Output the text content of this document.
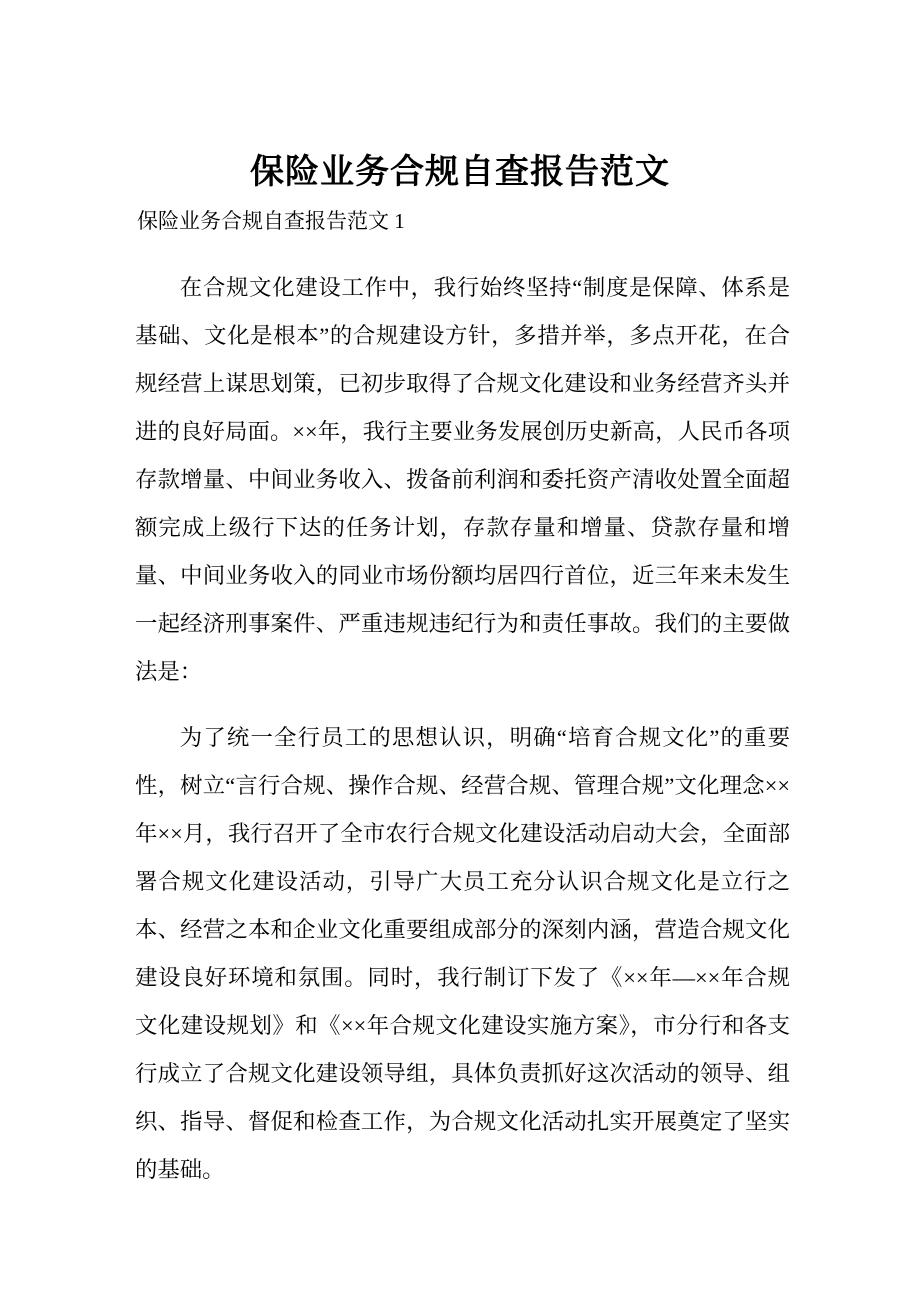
保险业务合规自查报告范文
保险业务合规自查报告范文 1

在合规文化建设工作中，我行始终坚持“制度是保障、体系是基础、文化是根本”的合规建设方针，多措并举，多点开花，在合规经营上谋思划策，已初步取得了合规文化建设和业务经营齐头并进的良好局面。××年，我行主要业务发展创历史新高，人民币各项存款增量、中间业务收入、拨备前利润和委托资产清收处置全面超额完成上级行下达的任务计划，存款存量和增量、贷款存量和增量、中间业务收入的同业市场份额均居四行首位，近三年来未发生一起经济刑事案件、严重违规违纪行为和责任事故。我们的主要做法是：

为了统一全行员工的思想认识，明确“培育合规文化”的重要性，树立“言行合规、操作合规、经营合规、管理合规”文化理念××年××月，我行召开了全市农行合规文化建设活动启动大会，全面部署合规文化建设活动，引导广大员工充分认识合规文化是立行之本、经营之本和企业文化重要组成部分的深刻内涵，营造合规文化建设良好环境和氛围。同时，我行制订下发了《××年—××年合规文化建设规划》和《××年合规文化建设实施方案》，市分行和各支行成立了合规文化建设领导组，具体负责抓好这次活动的领导、组织、指导、督促和检查工作，为合规文化活动扎实开展奠定了坚实的基础。
